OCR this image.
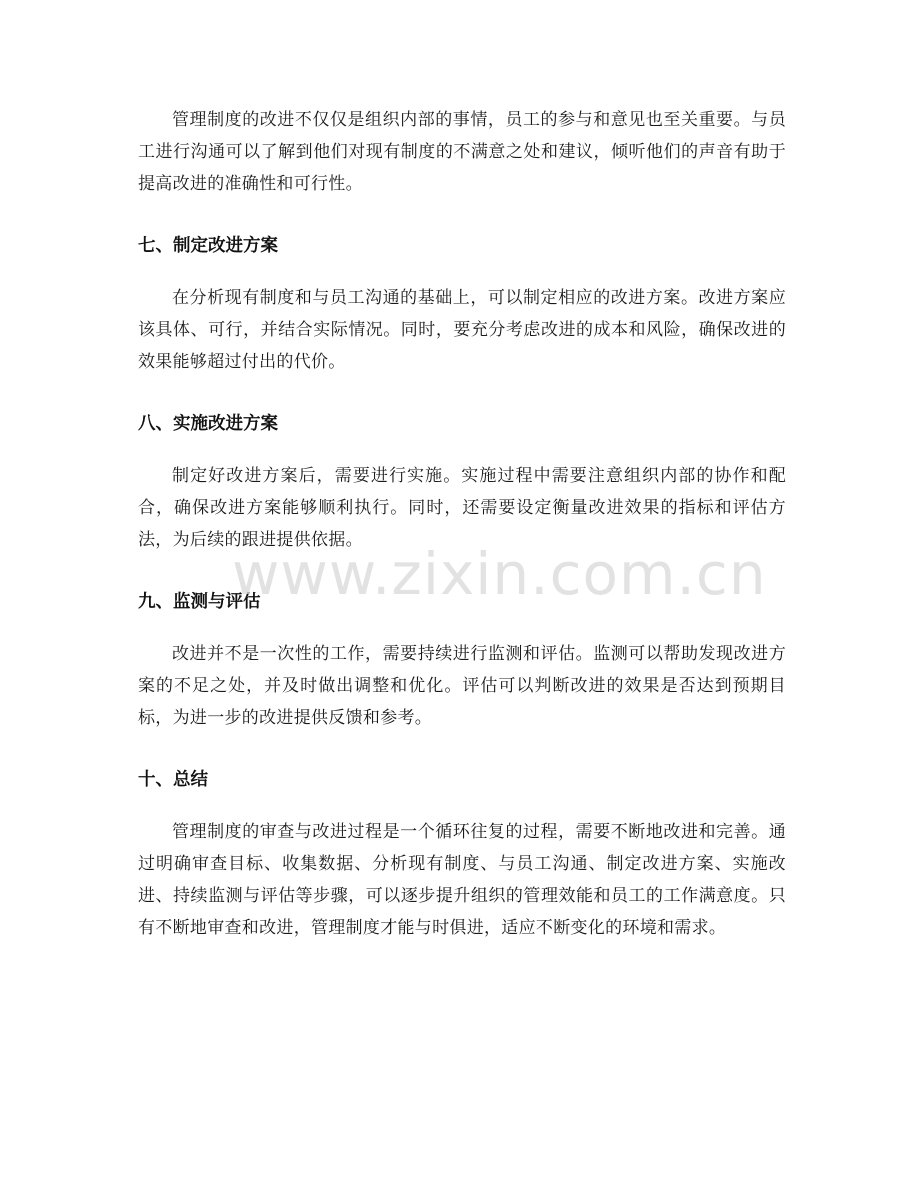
管理制度的改进不仅仅是组织内部的事情，员工的参与和意见也至关重要。与员工进行沟通可以了解到他们对现有制度的不满意之处和建议，倾听他们的声音有助于提高改进的准确性和可行性。

七、制定改进方案

在分析现有制度和与员工沟通的基础上，可以制定相应的改进方案。改进方案应该具体、可行，并结合实际情况。同时，要充分考虑改进的成本和风险，确保改进的效果能够超过付出的代价。

八、实施改进方案

制定好改进方案后，需要进行实施。实施过程中需要注意组织内部的协作和配合，确保改进方案能够顺利执行。同时，还需要设定衡量改进效果的指标和评估方法，为后续的跟进提供依据。

九、监测与评估

改进并不是一次性的工作，需要持续进行监测和评估。监测可以帮助发现改进方案的不足之处，并及时做出调整和优化。评估可以判断改进的效果是否达到预期目标，为进一步的改进提供反馈和参考。

十、总结

管理制度的审查与改进过程是一个循环往复的过程，需要不断地改进和完善。通过明确审查目标、收集数据、分析现有制度、与员工沟通、制定改进方案、实施改进、持续监测与评估等步骤，可以逐步提升组织的管理效能和员工的工作满意度。只有不断地审查和改进，管理制度才能与时俱进，适应不断变化的环境和需求。

www.zixin.com.cn
